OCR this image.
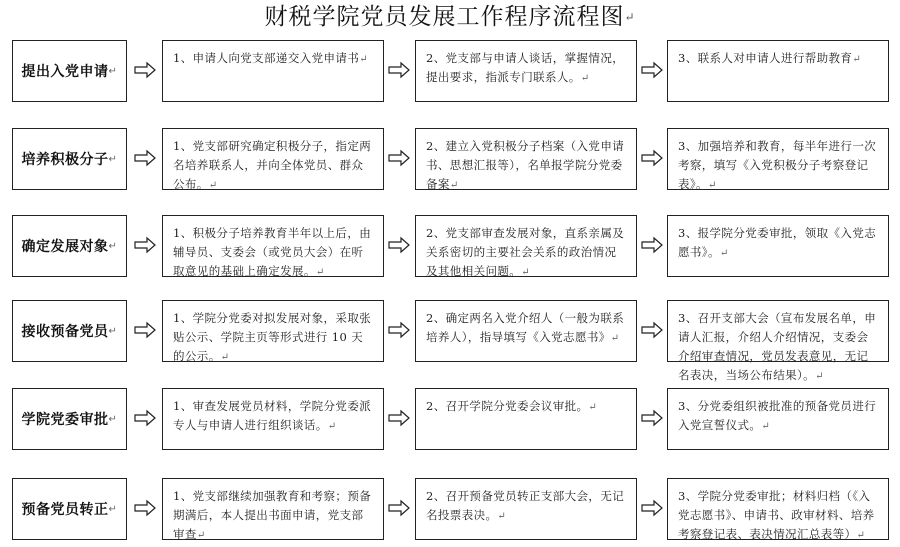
财税学院党员发展工作程序流程图↵
提出入党申请 ↵
1、申请人向党支部递交入党申请书↵	2、党支部与申请人谈话，掌握情况，提出要求，指派专门联系人。↵
3、联系人对申请人进行帮助教育↵
培养积极分子 ↵
1、党支部研究确定积极分子，指定两名培养联系人，并向全体党员、群众公布。↵
2、建立入党积极分子档案（入党申请书、思想汇报等），名单报学院分党委备案↵
3、加强培养和教育，每半年进行一次考察，填写《入党积极分子考察登记表》。↵
确定发展对象 ↵
1、积极分子培养教育半年以上后，由辅导员、支委会（或党员大会）在听取意见的基础上确定发展。↵
2、党支部审查发展对象，直系亲属及关系密切的主要社会关系的政治情况及其他相关问题。↵
3、报学院分党委审批，领取《入党志愿书》。↵
接收预备党员 ↵
1、学院分党委对拟发展对象，采取张贴公示、学院主页等形式进行 10 天的公示。↵
2、确定两名入党介绍人（一般为联系培养人），指导填写《入党志愿书》↵
3、召开支部大会（宣布发展名单，申请人汇报，介绍人介绍情况，支委会介绍审查情况，党员发表意见，无记名表决，当场公布结果）。↵
学院党委审批 ↵
1、审查发展党员材料，学院分党委派专人与申请人进行组织谈话。↵
2、召开学院分党委会议审批。↵	3、分党委组织被批准的预备党员进行入党宣誓仪式。↵
预备党员转正 ↵
1、党支部继续加强教育和考察；预备期满后，本人提出书面申请，党支部审查↵
2、召开预备党员转正支部大会，无记名投票表决。↵
3、学院分党委审批；材料归档（《入党志愿书》、申请书、政审材料、培养考察登记表、表决情况汇总表等）↵
